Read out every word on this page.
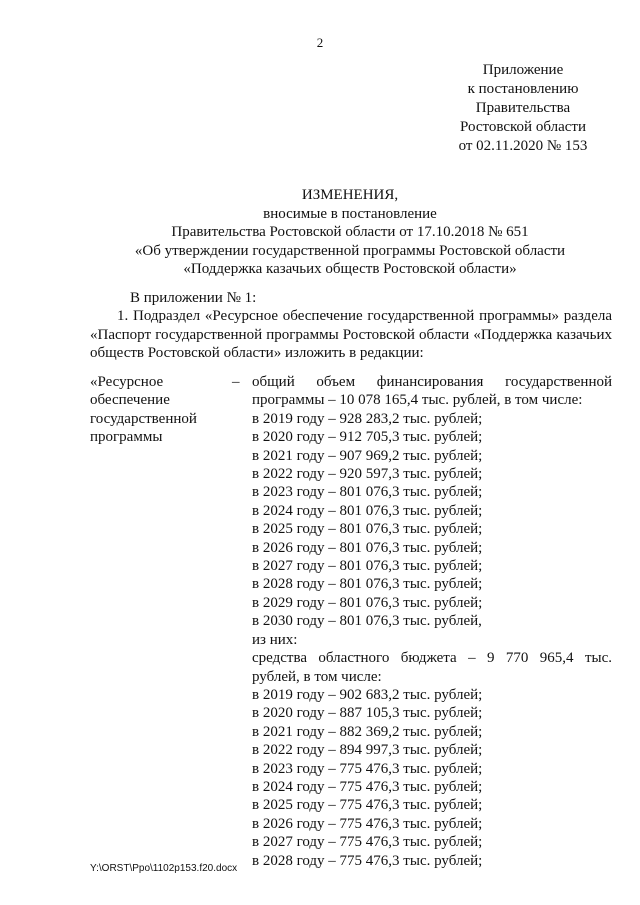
2
Приложение
к постановлению
Правительства
Ростовской области
от 02.11.2020 № 153
ИЗМЕНЕНИЯ,
вносимые в постановление
Правительства Ростовской области от 17.10.2018 № 651
«Об утверждении государственной программы Ростовской области
«Поддержка казачьих обществ Ростовской области»
В приложении № 1:
1. Подраздел «Ресурсное обеспечение государственной программы» раздела «Паспорт государственной программы Ростовской области «Поддержка казачьих обществ Ростовской области» изложить в редакции:
«Ресурсное
обеспечение
государственной
программы
– общий объем финансирования государственной
программы – 10 078 165,4 тыс. рублей, в том числе:
в 2019 году – 928 283,2 тыс. рублей;
в 2020 году – 912 705,3 тыс. рублей;
в 2021 году – 907 969,2 тыс. рублей;
в 2022 году – 920 597,3 тыс. рублей;
в 2023 году – 801 076,3 тыс. рублей;
в 2024 году – 801 076,3 тыс. рублей;
в 2025 году – 801 076,3 тыс. рублей;
в 2026 году – 801 076,3 тыс. рублей;
в 2027 году – 801 076,3 тыс. рублей;
в 2028 году – 801 076,3 тыс. рублей;
в 2029 году – 801 076,3 тыс. рублей;
в 2030 году – 801 076,3 тыс. рублей,
из них:
средства областного бюджета – 9 770 965,4 тыс.
рублей, в том числе:
в 2019 году – 902 683,2 тыс. рублей;
в 2020 году – 887 105,3 тыс. рублей;
в 2021 году – 882 369,2 тыс. рублей;
в 2022 году – 894 997,3 тыс. рублей;
в 2023 году – 775 476,3 тыс. рублей;
в 2024 году – 775 476,3 тыс. рублей;
в 2025 году – 775 476,3 тыс. рублей;
в 2026 году – 775 476,3 тыс. рублей;
в 2027 году – 775 476,3 тыс. рублей;
в 2028 году – 775 476,3 тыс. рублей;
Y:\ORST\Ppo\1102p153.f20.docx
